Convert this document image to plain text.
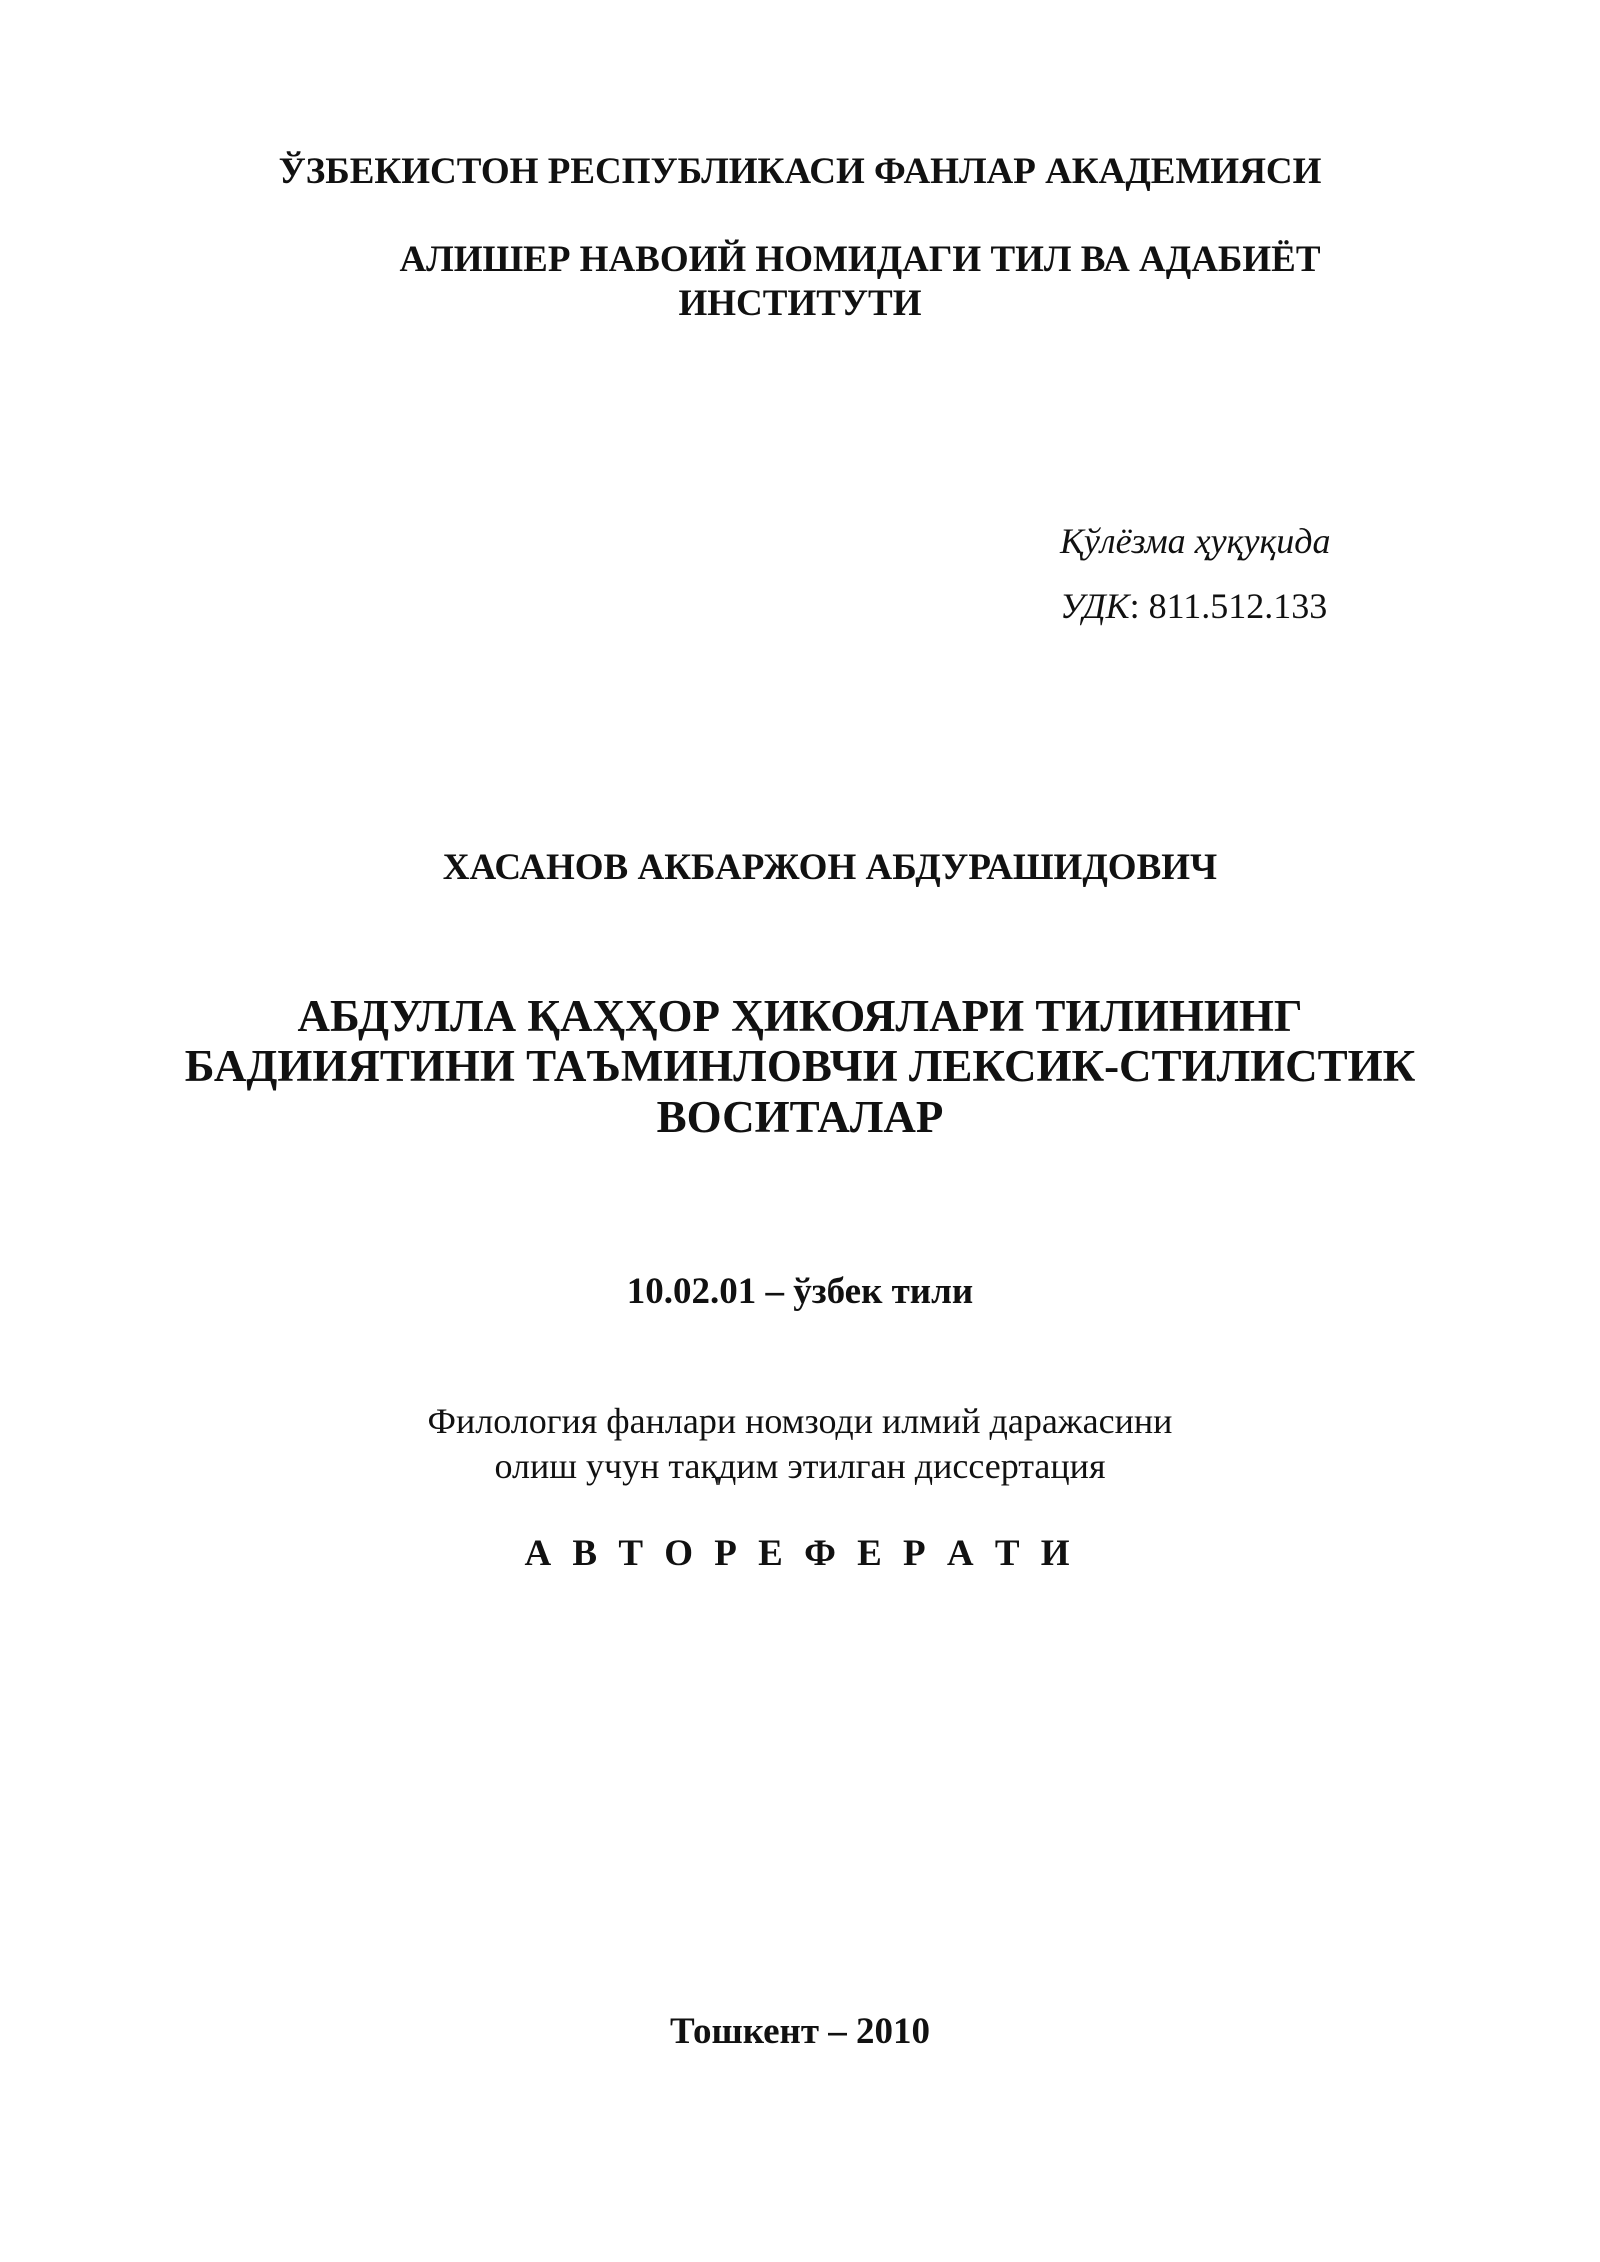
ЎЗБЕКИСТОН РЕСПУБЛИКАСИ ФАНЛАР АКАДЕМИЯСИ
АЛИШЕР НАВОИЙ НОМИДАГИ ТИЛ ВА АДАБИЁТ
ИНСТИТУТИ
Қўлёзма ҳуқуқида
УДК: 811.512.133
ХАСАНОВ АКБАРЖОН АБДУРАШИДОВИЧ
АБДУЛЛА ҚАҲҲОР ҲИКОЯЛАРИ ТИЛИНИНГ
БАДИИЯТИНИ ТАЪМИНЛОВЧИ ЛЕКСИК-СТИЛИСТИК
ВОСИТАЛАР
10.02.01 – ўзбек тили
Филология фанлари номзоди илмий даражасини
олиш учун тақдим этилган диссертация
А В Т О Р Е Ф Е Р А Т И
Тошкент – 2010
